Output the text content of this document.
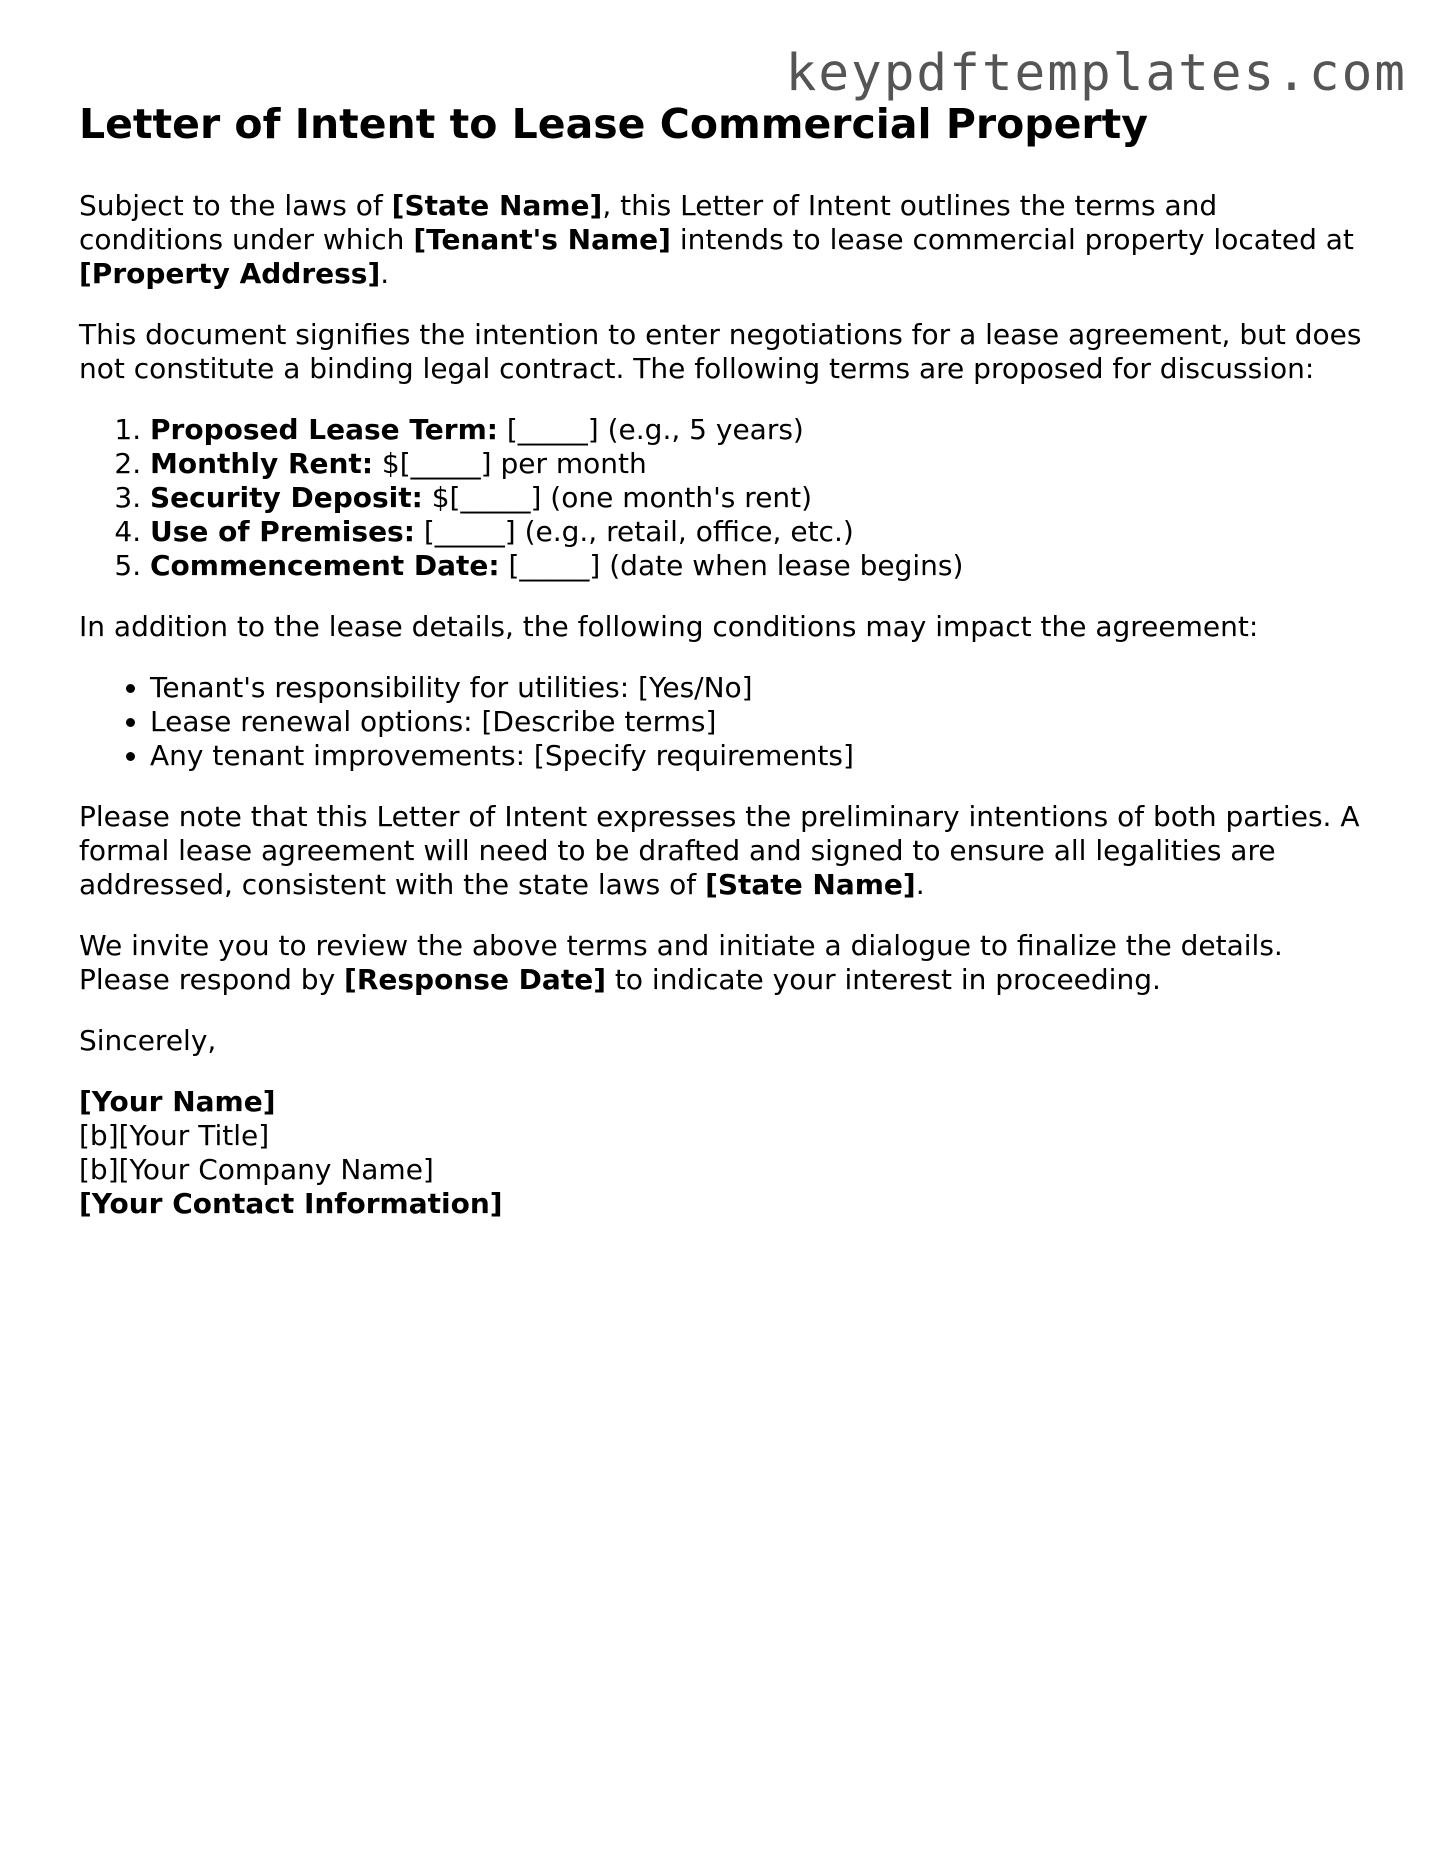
keypdftemplates.com
Letter of Intent to Lease Commercial Property

Subject to the laws of [State Name], this Letter of Intent outlines the terms and conditions under which [Tenant's Name] intends to lease commercial property located at [Property Address].

This document signifies the intention to enter negotiations for a lease agreement, but does not constitute a binding legal contract. The following terms are proposed for discussion:

1. Proposed Lease Term: [_____] (e.g., 5 years)
2. Monthly Rent: $[_____] per month
3. Security Deposit: $[_____] (one month's rent)
4. Use of Premises: [_____] (e.g., retail, office, etc.)
5. Commencement Date: [_____] (date when lease begins)

In addition to the lease details, the following conditions may impact the agreement:

• Tenant's responsibility for utilities: [Yes/No]
• Lease renewal options: [Describe terms]
• Any tenant improvements: [Specify requirements]

Please note that this Letter of Intent expresses the preliminary intentions of both parties. A formal lease agreement will need to be drafted and signed to ensure all legalities are addressed, consistent with the state laws of [State Name].

We invite you to review the above terms and initiate a dialogue to finalize the details. Please respond by [Response Date] to indicate your interest in proceeding.

Sincerely,

[Your Name]
[b][Your Title]
[b][Your Company Name]
[Your Contact Information]
